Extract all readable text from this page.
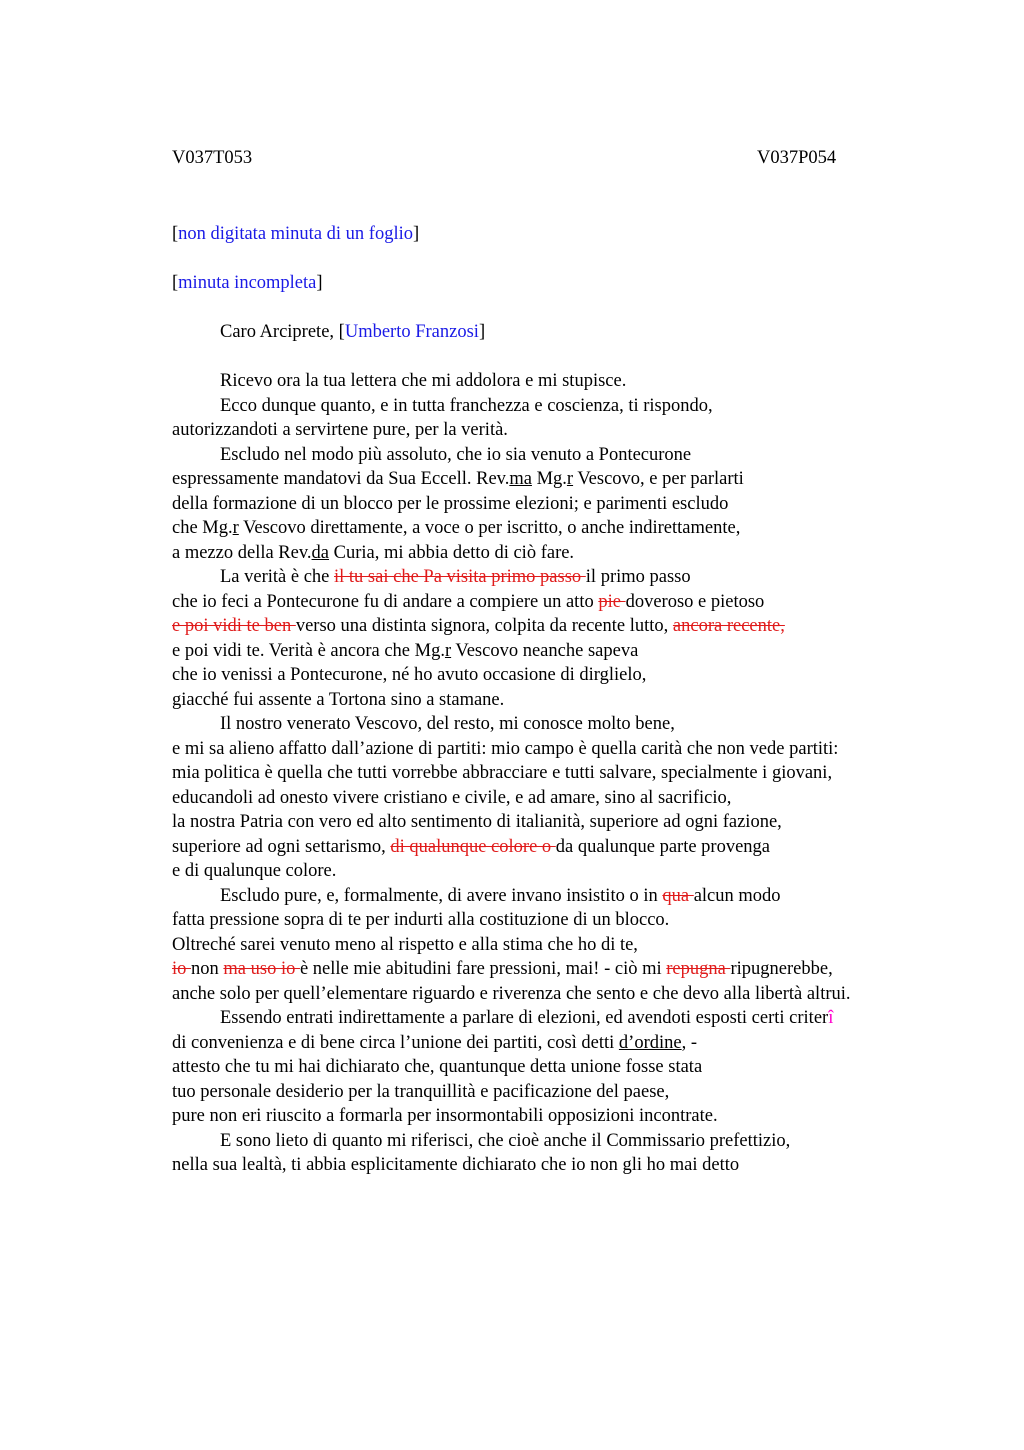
V037T053	V037P054
[non digitata minuta di un foglio]
[minuta incompleta]
Caro Arciprete, [Umberto Franzosi]
Ricevo ora la tua lettera che mi addolora e mi stupisce.
Ecco dunque quanto, e in tutta franchezza e coscienza, ti rispondo,
autorizzandoti a servirtene pure, per la verità.
Escludo nel modo più assoluto, che io sia venuto a Pontecurone
espressamente mandatovi da Sua Eccell. Rev.ma Mg.r Vescovo, e per parlarti
della formazione di un blocco per le prossime elezioni; e parimenti escludo
che Mg.r Vescovo direttamente, a voce o per iscritto, o anche indirettamente,
a mezzo della Rev.da Curia, mi abbia detto di ciò fare.
La verità è che il tu sai che Pa visita primo passo il primo passo
che io feci a Pontecurone fu di andare a compiere un atto pie doveroso e pietoso
e poi vidi te ben verso una distinta signora, colpita da recente lutto, ancora recente,
e poi vidi te. Verità è ancora che Mg.r Vescovo neanche sapeva
che io venissi a Pontecurone, né ho avuto occasione di dirglielo,
giacché fui assente a Tortona sino a stamane.
Il nostro venerato Vescovo, del resto, mi conosce molto bene,
e mi sa alieno affatto dall’azione di partiti: mio campo è quella carità che non vede partiti:
mia politica è quella che tutti vorrebbe abbracciare e tutti salvare, specialmente i giovani,
educandoli ad onesto vivere cristiano e civile, e ad amare, sino al sacrificio,
la nostra Patria con vero ed alto sentimento di italianità, superiore ad ogni fazione,
superiore ad ogni settarismo, di qualunque colore o da qualunque parte provenga
e di qualunque colore.
Escludo pure, e, formalmente, di avere invano insistito o in qua alcun modo
fatta pressione sopra di te per indurti alla costituzione di un blocco.
Oltreché sarei venuto meno al rispetto e alla stima che ho di te,
io non ma uso io è nelle mie abitudini fare pressioni, mai! - ciò mi repugna ripugnerebbe,
anche solo per quell’elementare riguardo e riverenza che sento e che devo alla libertà altrui.
Essendo entrati indirettamente a parlare di elezioni, ed avendoti esposti certi criterî
di convenienza e di bene circa l’unione dei partiti, così detti d’ordine, -
attesto che tu mi hai dichiarato che, quantunque detta unione fosse stata
tuo personale desiderio per la tranquillità e pacificazione del paese,
pure non eri riuscito a formarla per insormontabili opposizioni incontrate.
E sono lieto di quanto mi riferisci, che cioè anche il Commissario prefettizio,
nella sua lealtà, ti abbia esplicitamente dichiarato che io non gli ho mai detto
